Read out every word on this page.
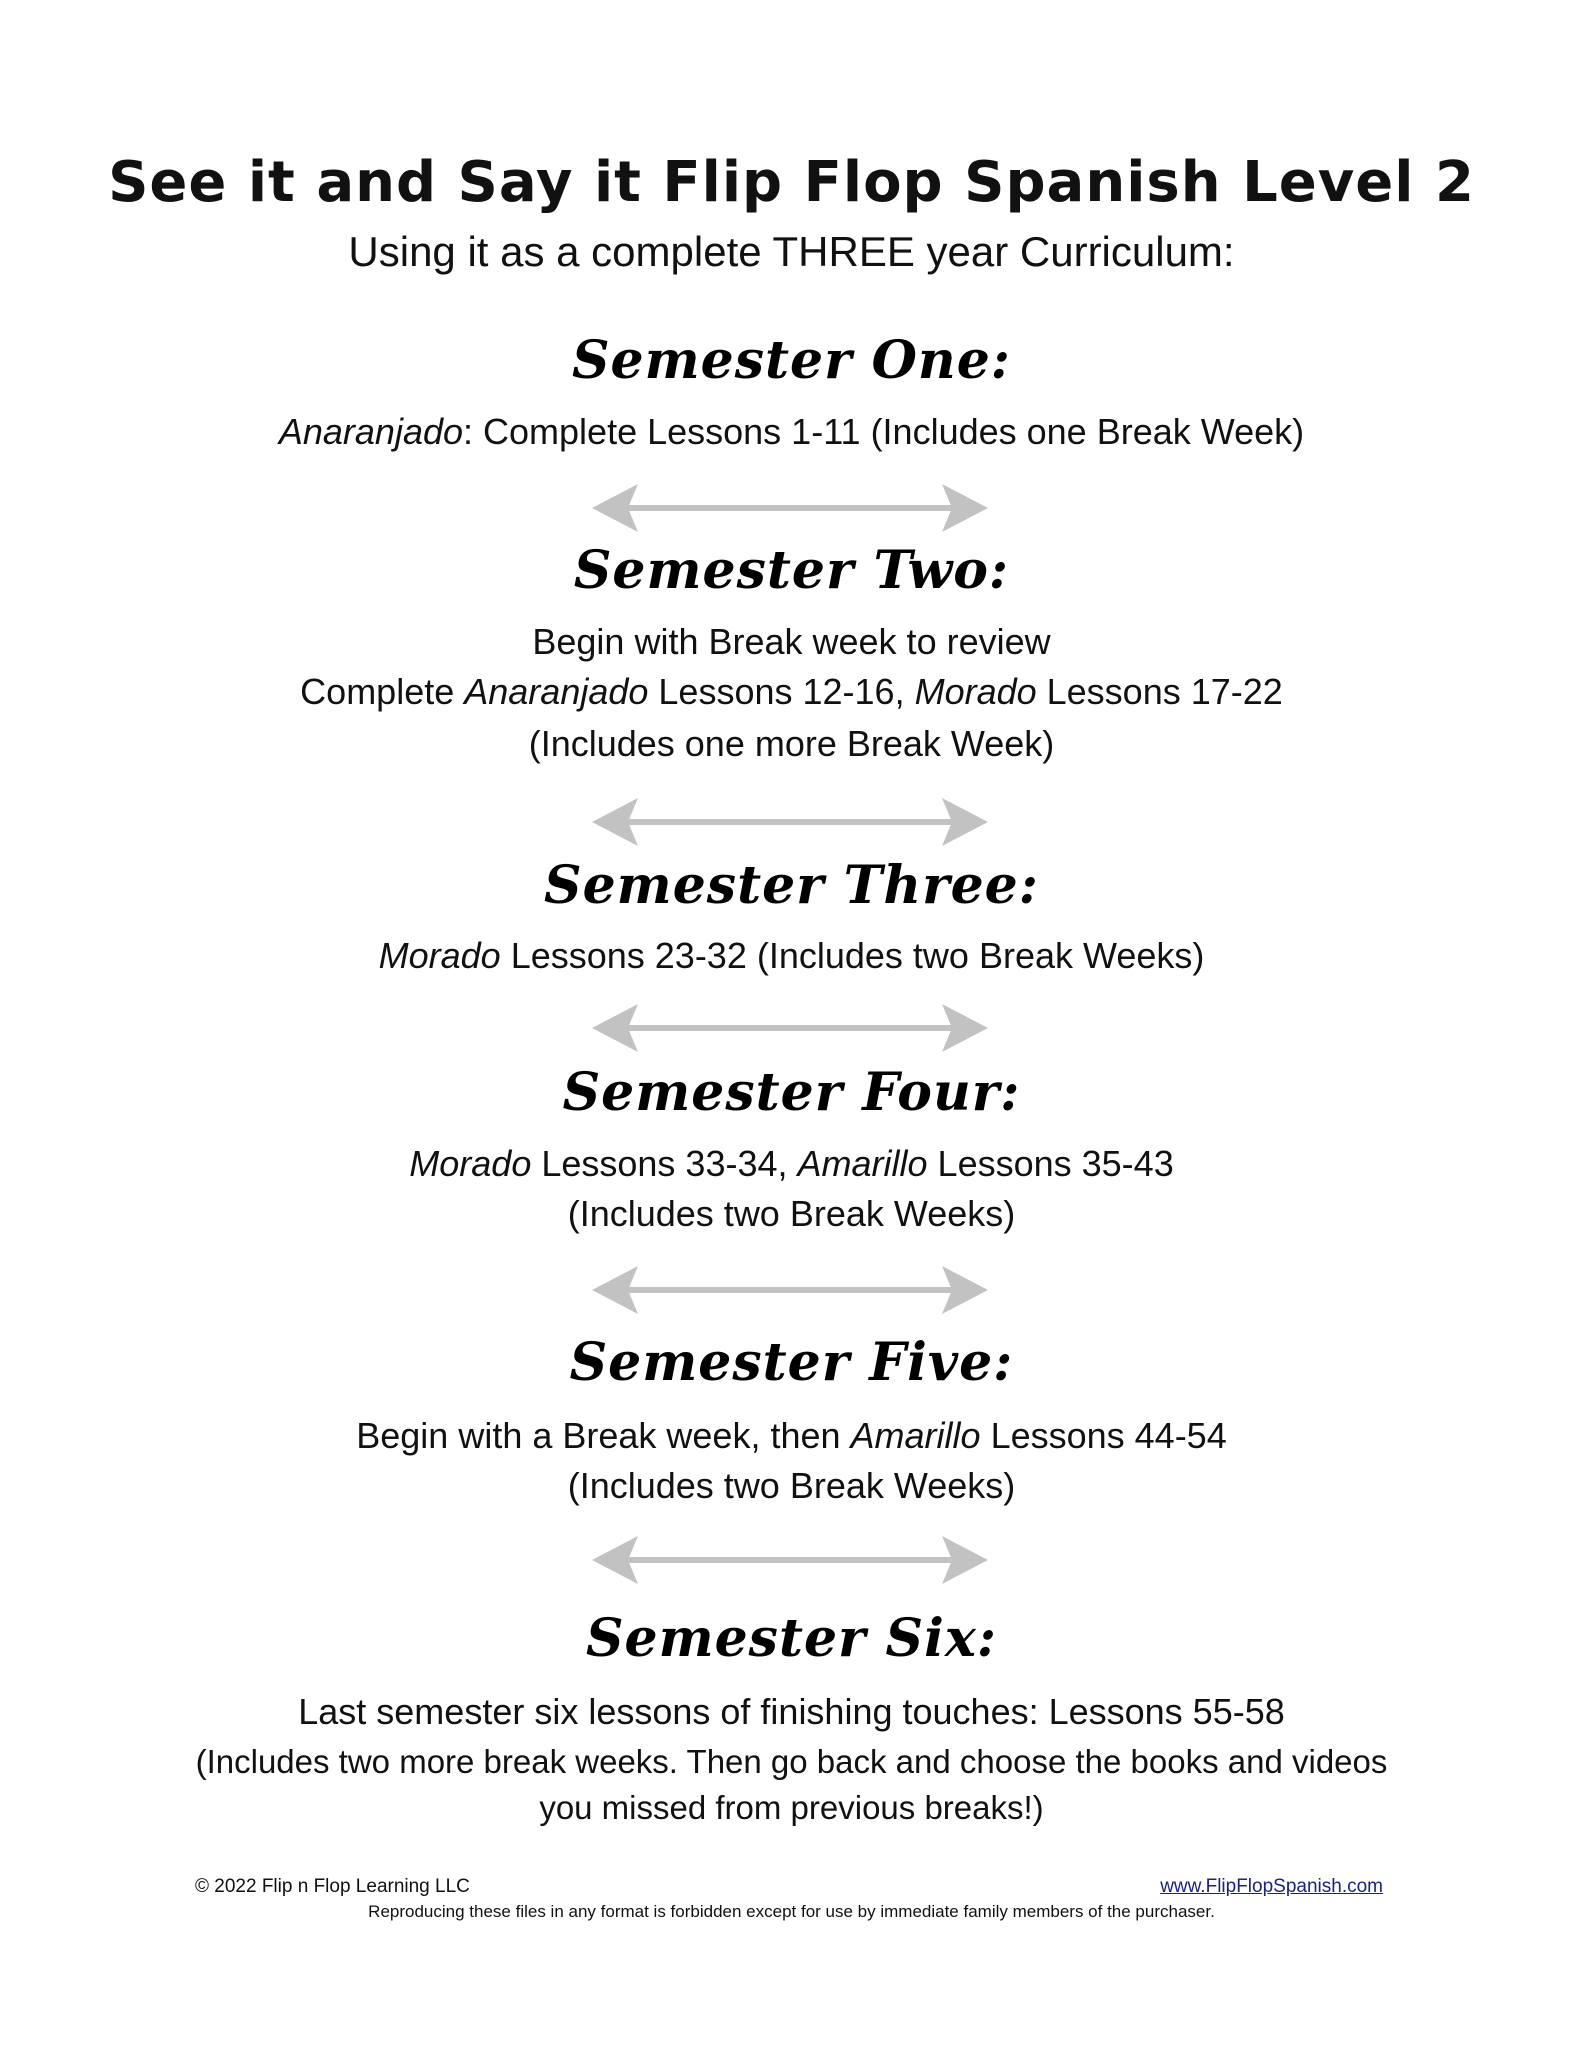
See it and Say it Flip Flop Spanish Level 2
Using it as a complete THREE year Curriculum:
Semester One:
Anaranjado: Complete Lessons 1-11 (Includes one Break Week)
Semester Two:
Begin with Break week to review
Complete Anaranjado Lessons 12-16, Morado Lessons 17-22
(Includes one more Break Week)
Semester Three:
Morado Lessons 23-32 (Includes two Break Weeks)
Semester Four:
Morado Lessons 33-34, Amarillo Lessons 35-43
(Includes two Break Weeks)
Semester Five:
Begin with a Break week, then Amarillo Lessons 44-54
(Includes two Break Weeks)
Semester Six:
Last semester six lessons of finishing touches: Lessons 55-58
(Includes two more break weeks. Then go back and choose the books and videos
you missed from previous breaks!)
© 2022 Flip n Flop Learning LLC	www.FlipFlopSpanish.com
Reproducing these files in any format is forbidden except for use by immediate family members of the purchaser.
